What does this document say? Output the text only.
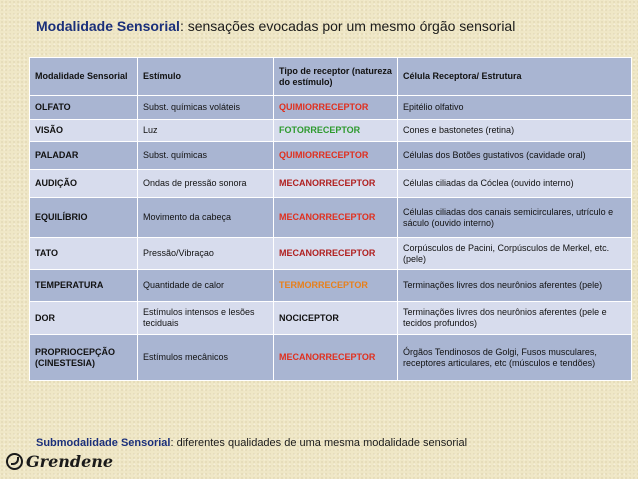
Modalidade Sensorial: sensações evocadas por um mesmo órgão sensorial
Modalidade Sensorial	Estímulo	Tipo de receptor (natureza do estímulo)	Célula Receptora/ Estrutura
OLFATO	Subst. químicas voláteis	QUIMIORRECEPTOR	Epitélio olfativo
VISÃO	Luz	FOTORRECEPTOR	Cones e bastonetes (retina)
PALADAR	Subst. químicas	QUIMIORRECEPTOR	Células dos Botões gustativos (cavidade oral)
AUDIÇÃO	Ondas de pressão sonora	MECANORRECEPTOR	Células ciliadas da Cóclea (ouvido interno)
EQUILÍBRIO	Movimento da cabeça	MECANORRECEPTOR	Células ciliadas dos canais semicirculares, utrículo e sáculo (ouvido interno)
TATO	Pressão/Vibraçao	MECANORRECEPTOR	Corpúsculos de Pacini, Corpúsculos de Merkel, etc. (pele)
TEMPERATURA	Quantidade de calor	TERMORRECEPTOR	Terminações livres dos neurônios aferentes (pele)
DOR	Estímulos intensos e lesões teciduais	NOCICEPTOR	Terminações livres dos neurônios aferentes (pele e tecidos profundos)
PROPRIOCEPÇÃO (CINESTESIA)	Estímulos mecânicos	MECANORRECEPTOR	Órgãos Tendinosos de Golgi, Fusos musculares, receptores articulares, etc (músculos e tendões)
Submodalidade Sensorial: diferentes qualidades de uma mesma modalidade sensorial
Grendene
